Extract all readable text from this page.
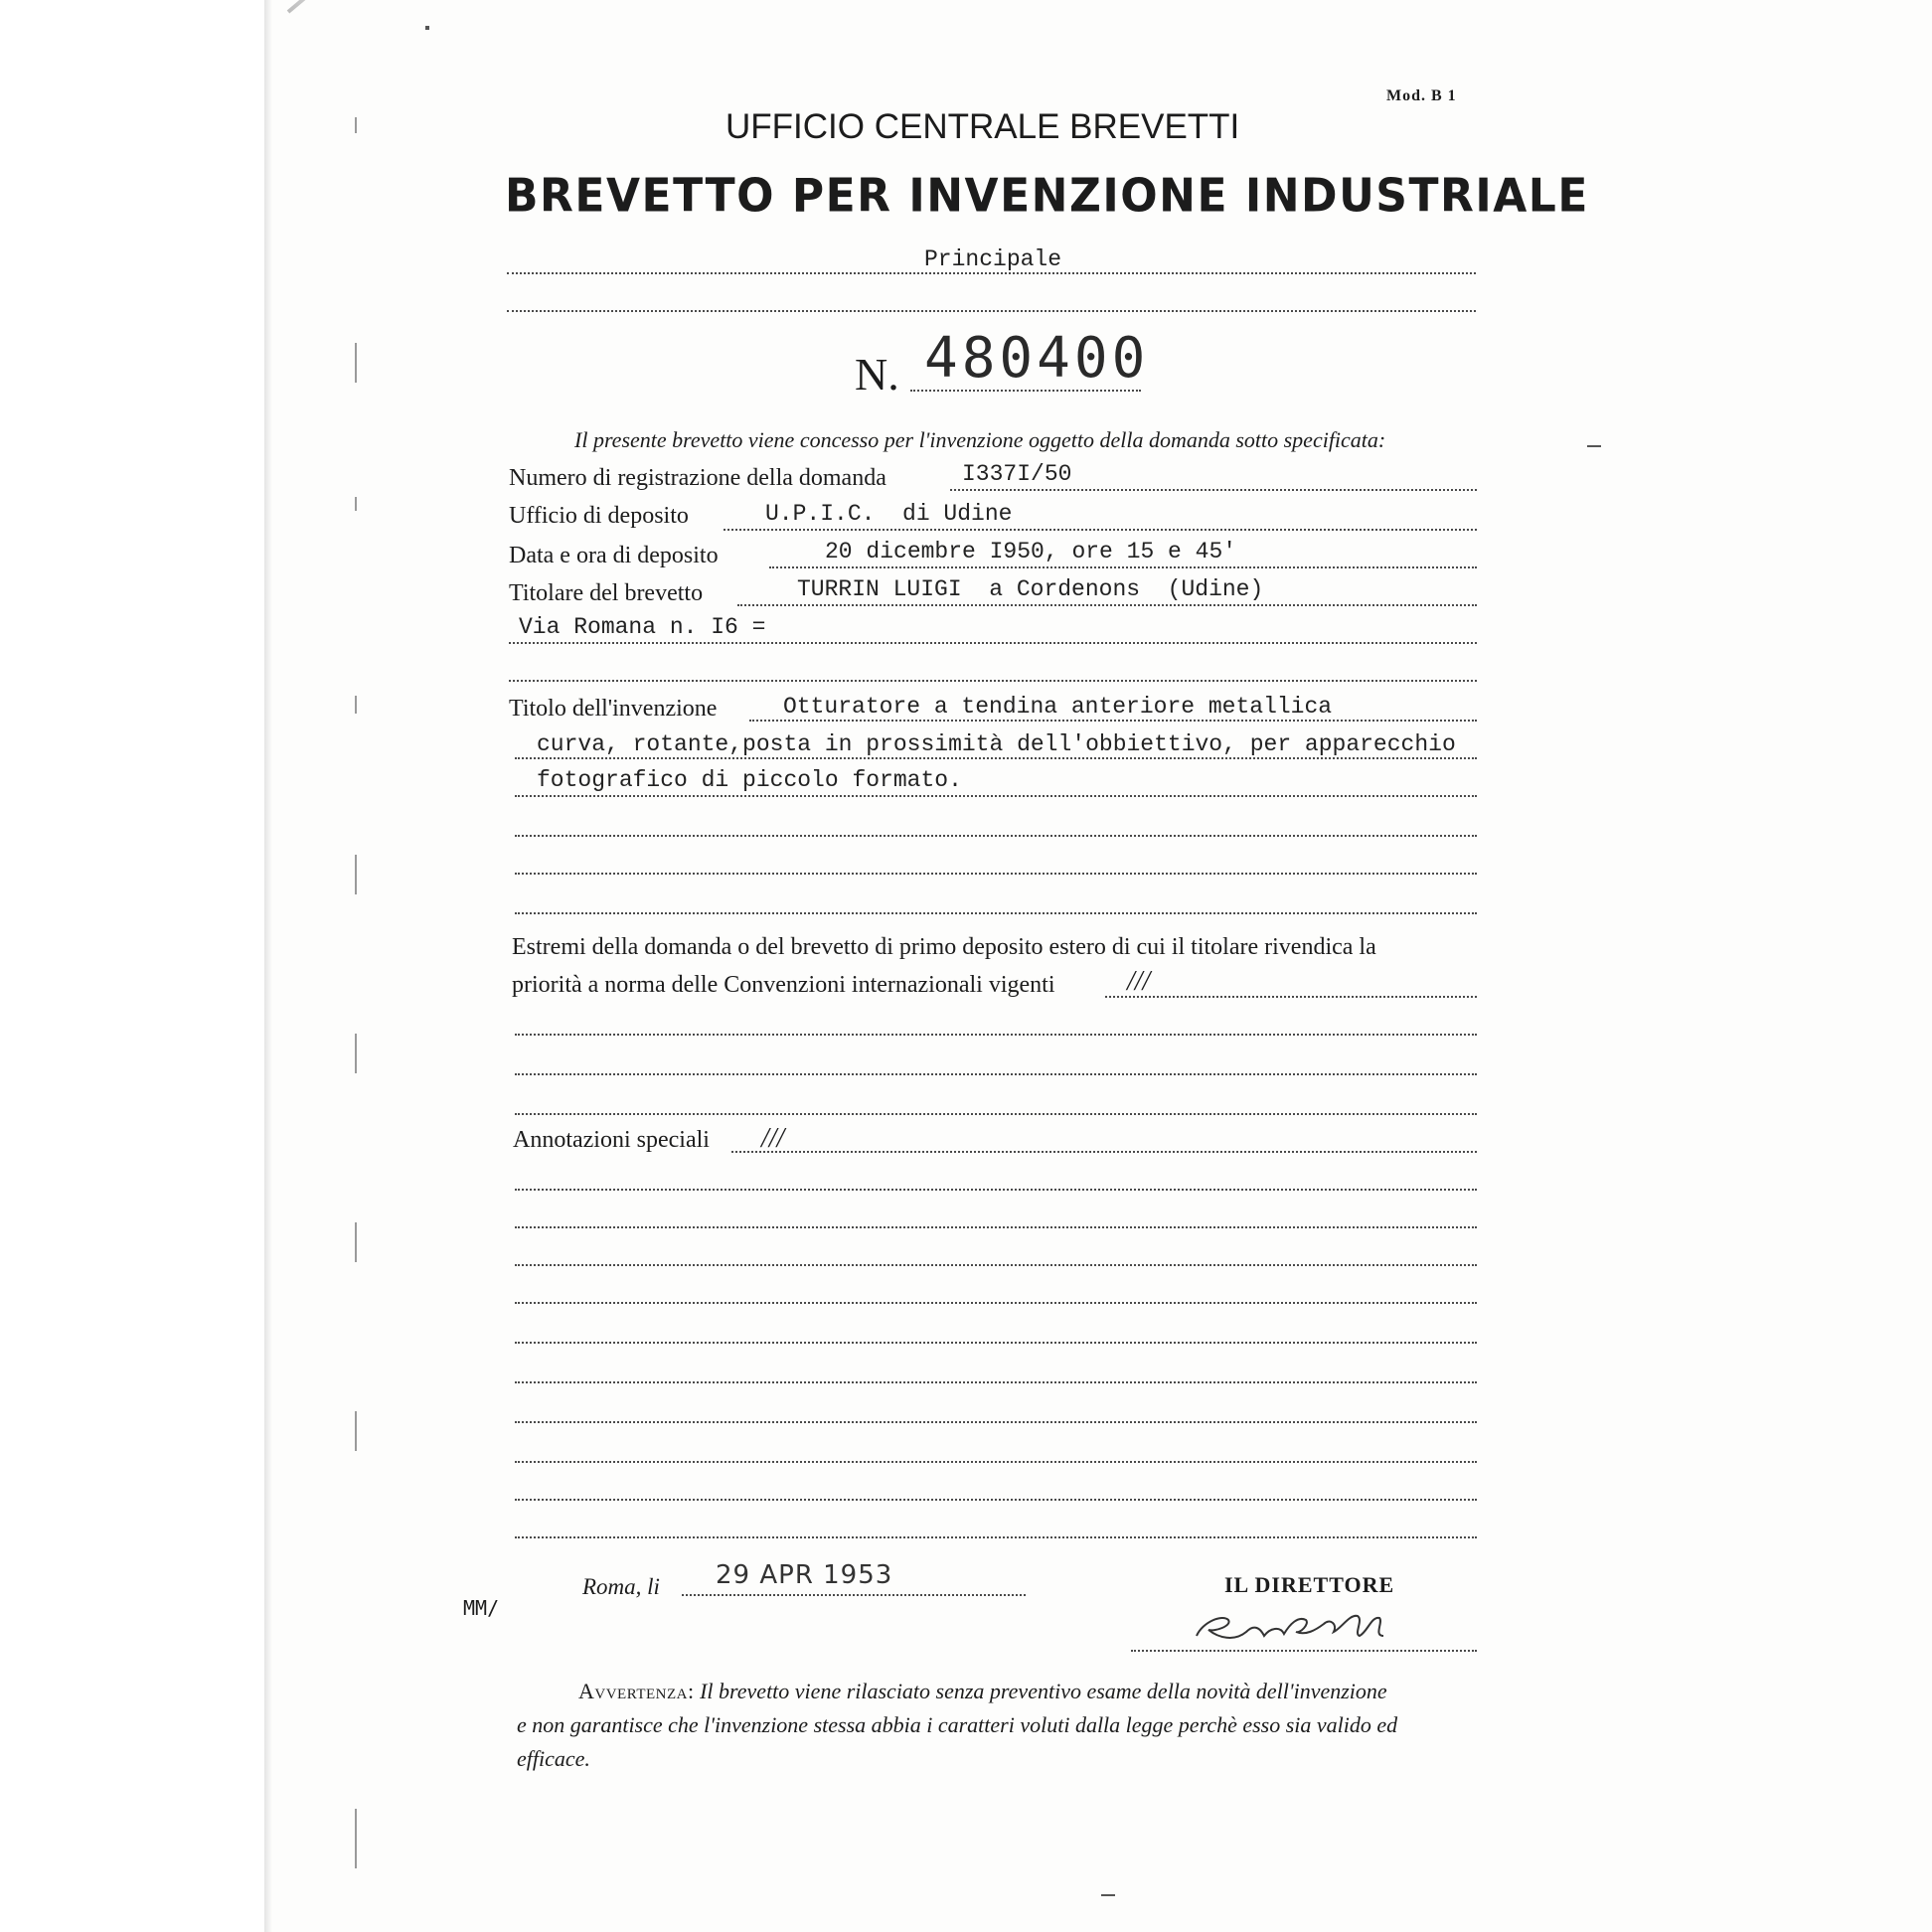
Mod. B 1
UFFICIO CENTRALE BREVETTI
BREVETTO PER INVENZIONE INDUSTRIALE
Principale
N. 480400
Il presente brevetto viene concesso per l'invenzione oggetto della domanda sotto specificata:
Numero di registrazione della domanda	I337I/50
Ufficio di deposito	U.P.I.C.  di Udine
Data e ora di deposito	20 dicembre I950, ore 15 e 45'
Titolare del brevetto	TURRIN LUIGI  a Cordenons  (Udine)
Via Romana n. I6 =
Titolo dell'invenzione	Otturatore a tendina anteriore metallica
curva, rotante,posta in prossimità dell'obbiettivo, per apparecchio
fotografico di piccolo formato.
Estremi della domanda o del brevetto di primo deposito estero di cui il titolare rivendica la
priorità a norma delle Convenzioni internazionali vigenti	///
Annotazioni speciali ///
Roma, li 29 APR 1953	IL DIRETTORE
MM/
Avvertenza: Il brevetto viene rilasciato senza preventivo esame della novità dell'invenzione
e non garantisce che l'invenzione stessa abbia i caratteri voluti dalla legge perchè esso sia valido ed
efficace.
